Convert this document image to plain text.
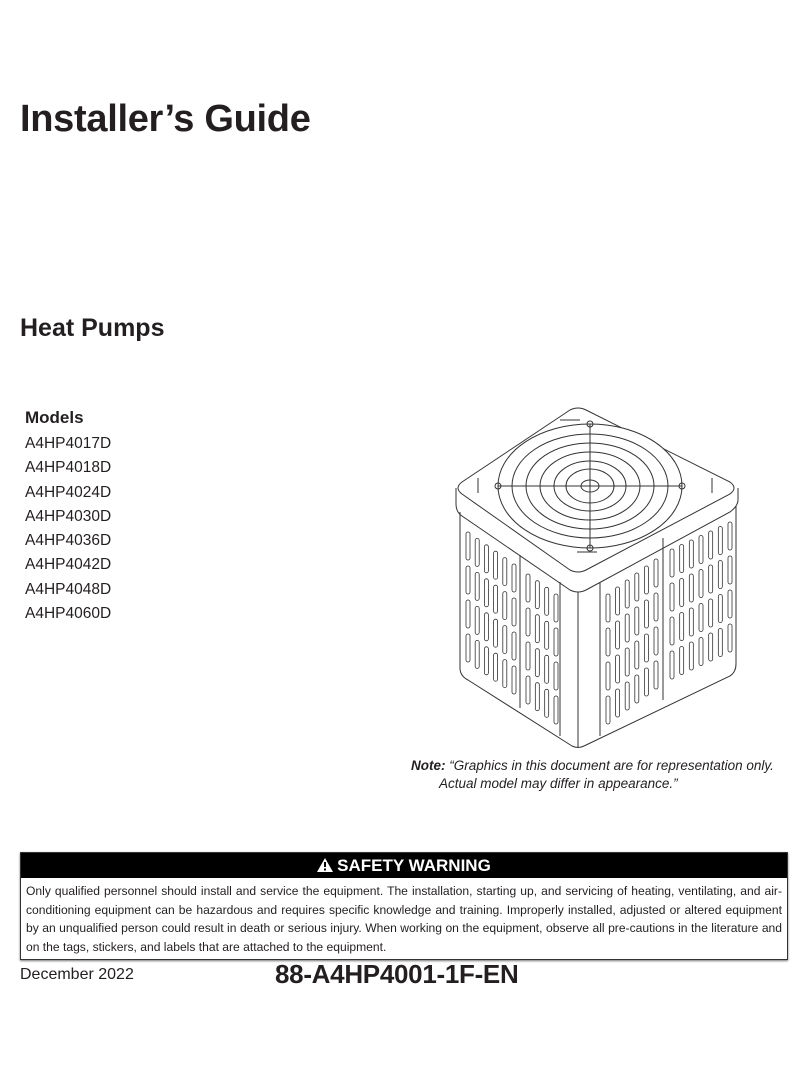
Installer’s Guide
Heat Pumps
Models
A4HP4017D
A4HP4018D
A4HP4024D
A4HP4030D
A4HP4036D
A4HP4042D
A4HP4048D
A4HP4060D
Note: “Graphics in this document are for representation only.
Actual model may differ in appearance.”
SAFETY WARNING
Only qualified personnel should install and service the equipment. The installation, starting up, and servicing of heating, ventilating, and air-conditioning equipment can be hazardous and requires specific knowledge and training. Improperly installed, adjusted or altered equipment by an unqualified person could result in death or serious injury. When working on the equipment, observe all pre-cautions in the literature and on the tags, stickers, and labels that are attached to the equipment.
December 2022	88-A4HP4001-1F-EN
